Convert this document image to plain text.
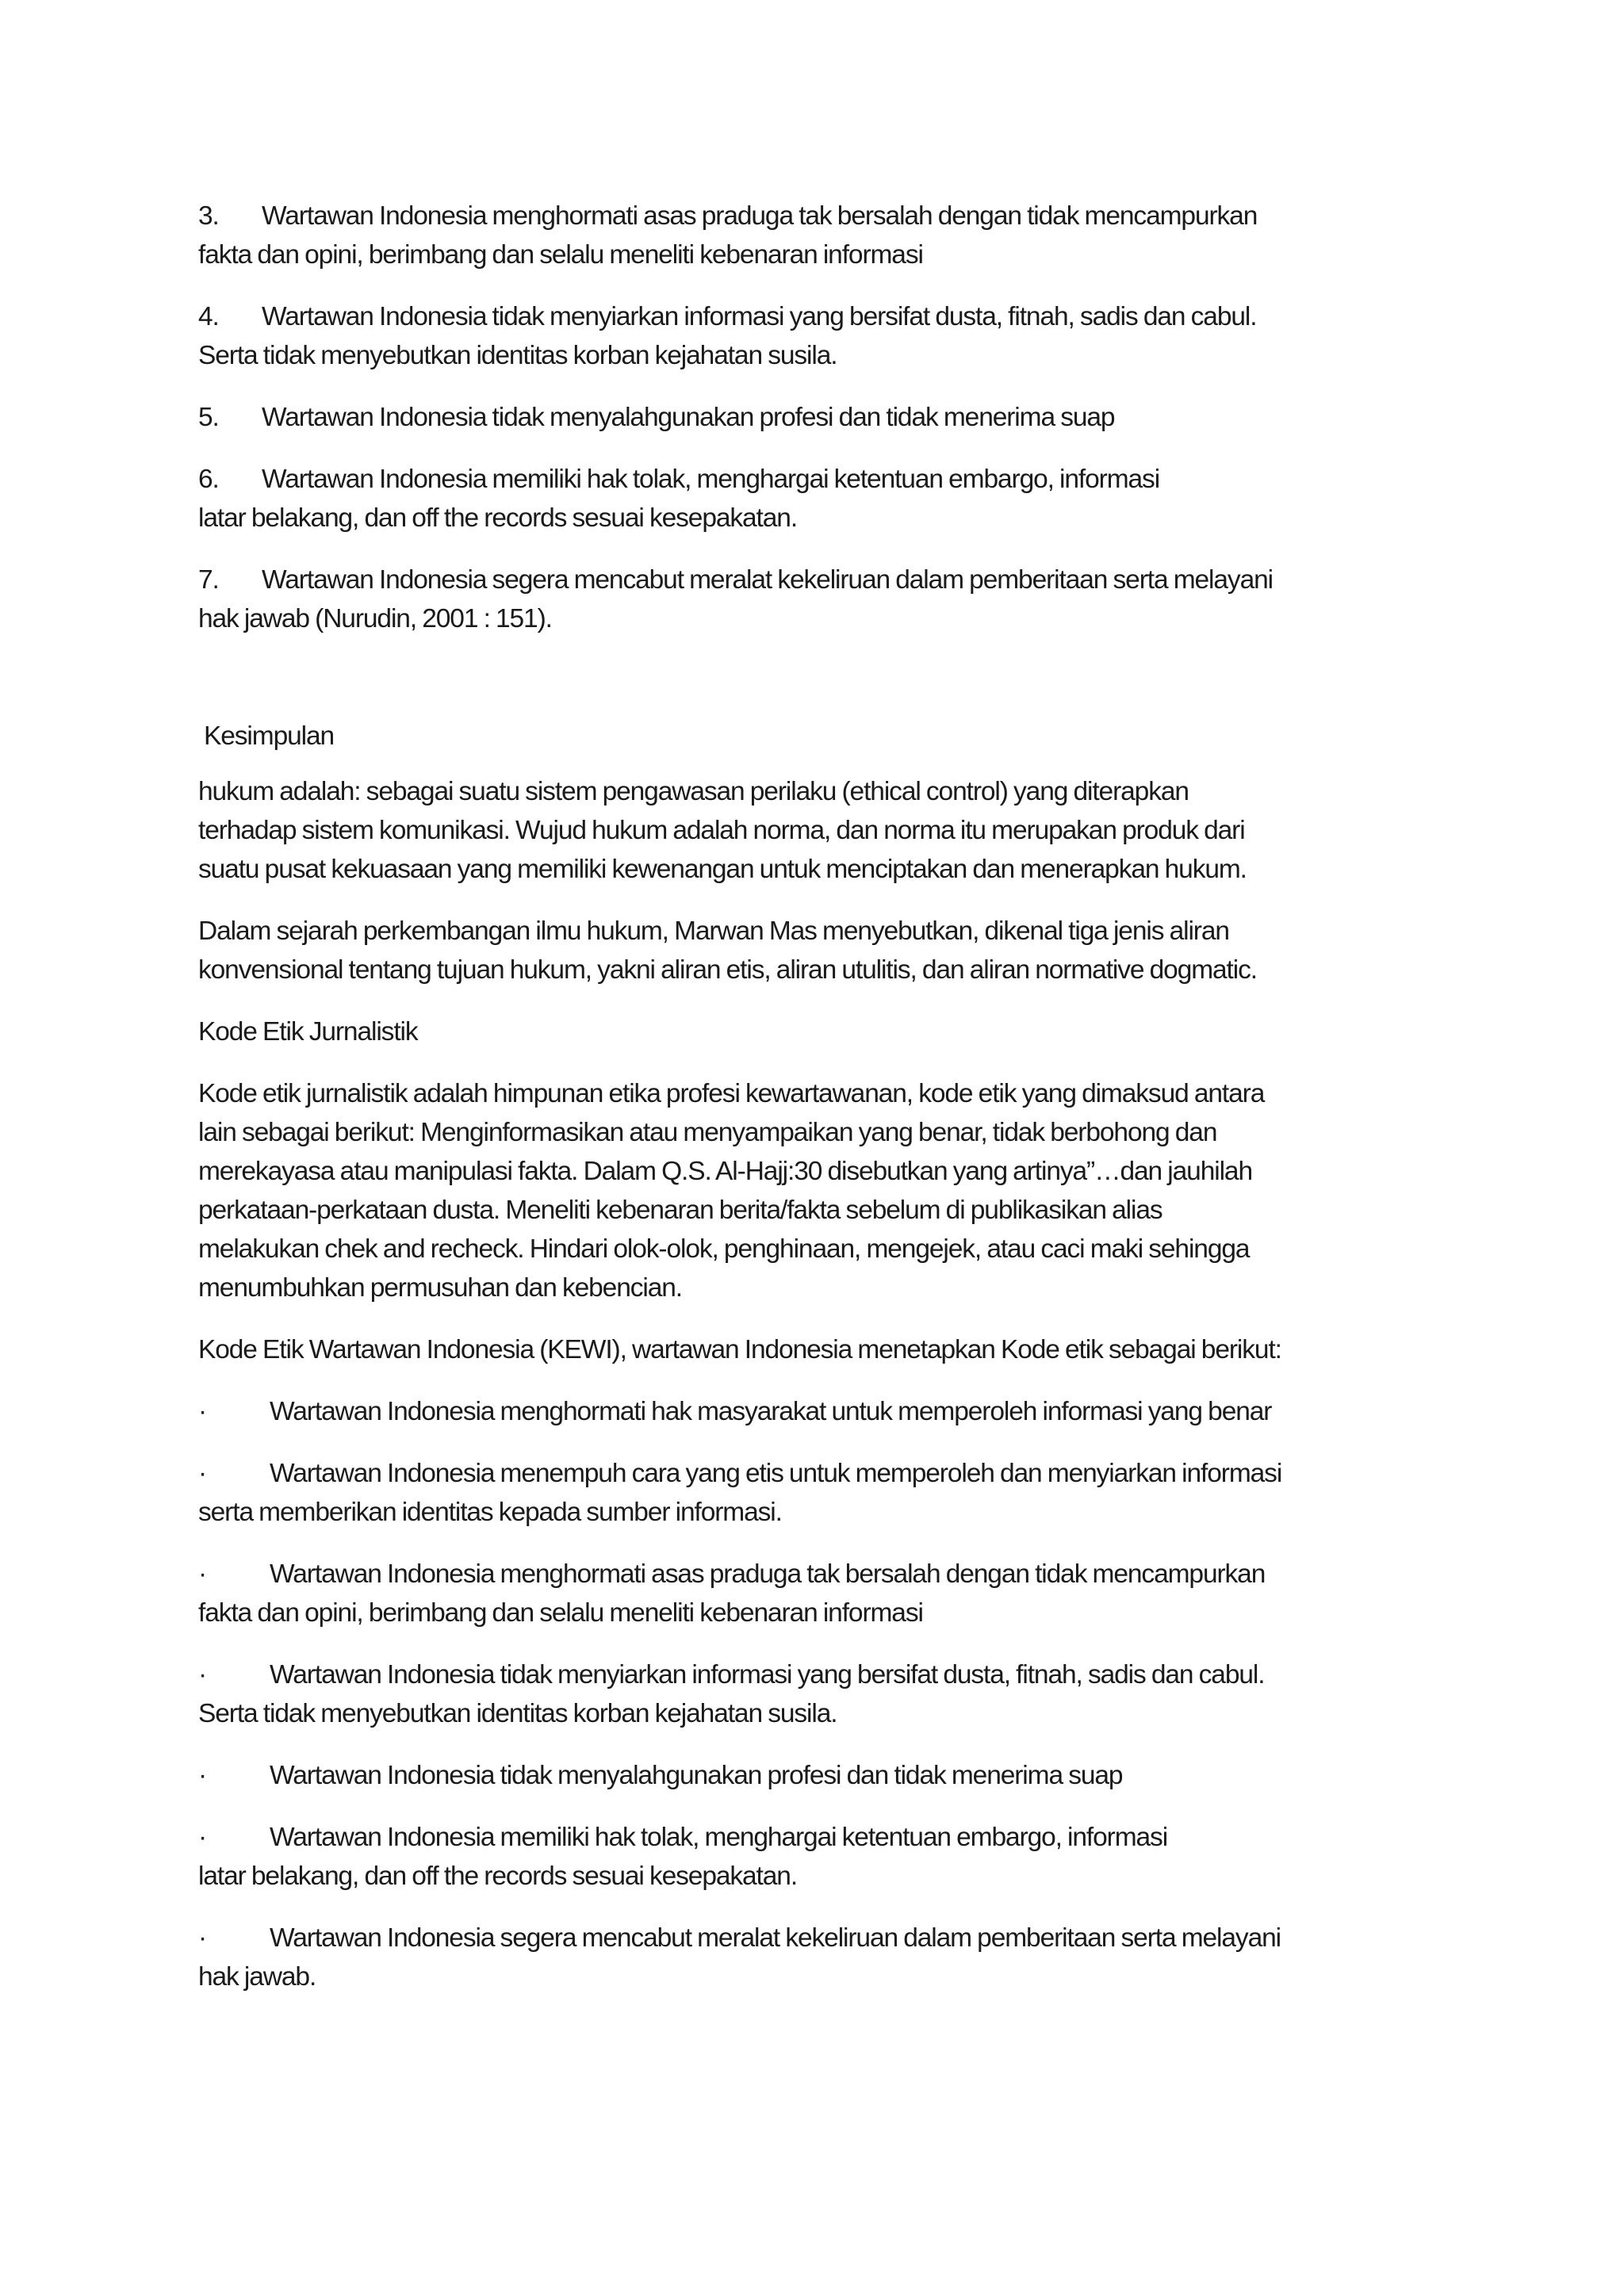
3. Wartawan Indonesia menghormati asas praduga tak bersalah dengan tidak mencampurkan
fakta dan opini, berimbang dan selalu meneliti kebenaran informasi
4. Wartawan Indonesia tidak menyiarkan informasi yang bersifat dusta, fitnah, sadis dan cabul.
Serta tidak menyebutkan identitas korban kejahatan susila.
5. Wartawan Indonesia tidak menyalahgunakan profesi dan tidak menerima suap
6. Wartawan Indonesia memiliki hak tolak, menghargai ketentuan embargo, informasi
latar belakang, dan off the records sesuai kesepakatan.
7. Wartawan Indonesia segera mencabut meralat kekeliruan dalam pemberitaan serta melayani
hak jawab (Nurudin, 2001 : 151).
Kesimpulan
hukum adalah: sebagai suatu sistem pengawasan perilaku (ethical control) yang diterapkan
terhadap sistem komunikasi. Wujud hukum adalah norma, dan norma itu merupakan produk dari
suatu pusat kekuasaan yang memiliki kewenangan untuk menciptakan dan menerapkan hukum.
Dalam sejarah perkembangan ilmu hukum, Marwan Mas menyebutkan, dikenal tiga jenis aliran
konvensional tentang tujuan hukum, yakni aliran etis, aliran utulitis, dan aliran normative dogmatic.
Kode Etik Jurnalistik
Kode etik jurnalistik adalah himpunan etika profesi kewartawanan, kode etik yang dimaksud antara
lain sebagai berikut: Menginformasikan atau menyampaikan yang benar, tidak berbohong dan
merekayasa atau manipulasi fakta. Dalam Q.S. Al-Hajj:30 disebutkan yang artinya”…dan jauhilah
perkataan-perkataan dusta. Meneliti kebenaran berita/fakta sebelum di publikasikan alias
melakukan chek and recheck. Hindari olok-olok, penghinaan, mengejek, atau caci maki sehingga
menumbuhkan permusuhan dan kebencian.
Kode Etik Wartawan Indonesia (KEWI), wartawan Indonesia menetapkan Kode etik sebagai berikut:
· Wartawan Indonesia menghormati hak masyarakat untuk memperoleh informasi yang benar
· Wartawan Indonesia menempuh cara yang etis untuk memperoleh dan menyiarkan informasi
serta memberikan identitas kepada sumber informasi.
· Wartawan Indonesia menghormati asas praduga tak bersalah dengan tidak mencampurkan
fakta dan opini, berimbang dan selalu meneliti kebenaran informasi
· Wartawan Indonesia tidak menyiarkan informasi yang bersifat dusta, fitnah, sadis dan cabul.
Serta tidak menyebutkan identitas korban kejahatan susila.
· Wartawan Indonesia tidak menyalahgunakan profesi dan tidak menerima suap
· Wartawan Indonesia memiliki hak tolak, menghargai ketentuan embargo, informasi
latar belakang, dan off the records sesuai kesepakatan.
· Wartawan Indonesia segera mencabut meralat kekeliruan dalam pemberitaan serta melayani
hak jawab.
